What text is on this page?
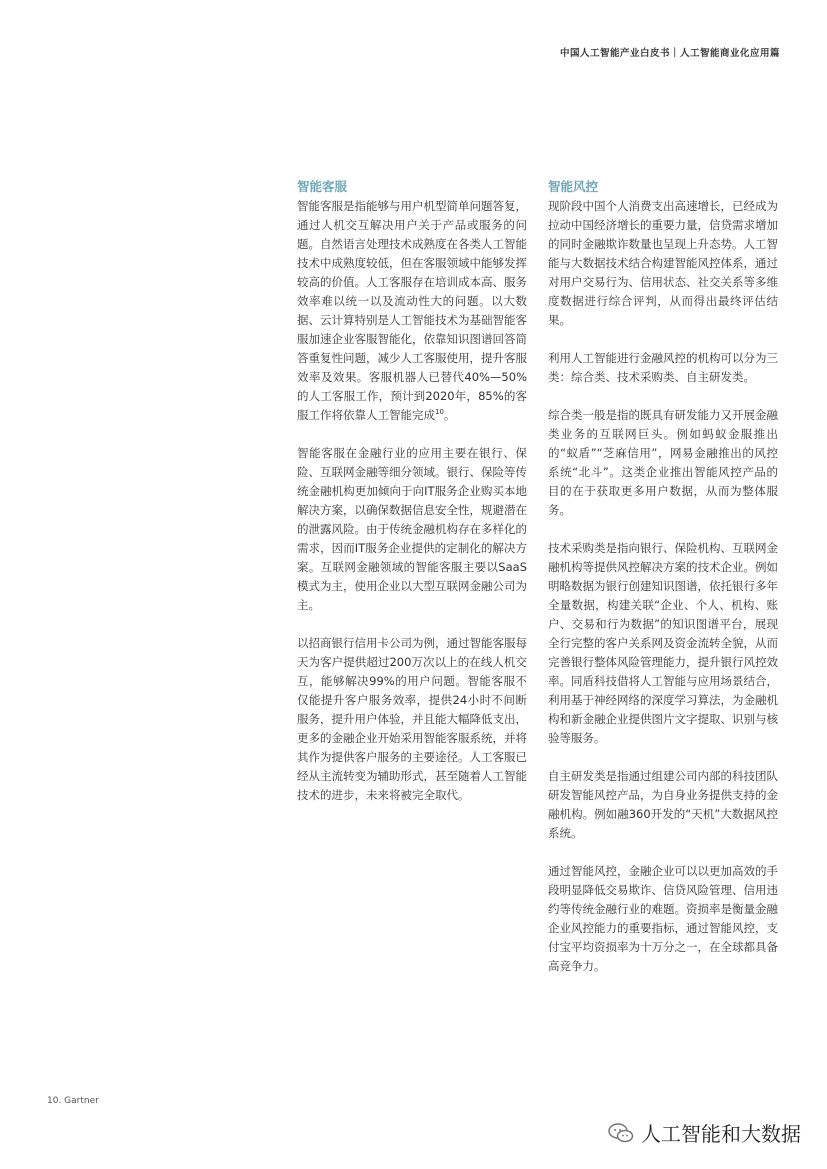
中国人工智能产业白皮书｜人工智能商业化应用篇
智能客服

智能客服是指能够与用户机型简单问题答复，通过人机交互解决用户关于产品或服务的问题。自然语言处理技术成熟度在各类人工智能技术中成熟度较低，但在客服领域中能够发挥较高的价值。人工客服存在培训成本高、服务效率难以统一以及流动性大的问题。以大数据、云计算特别是人工智能技术为基础智能客服加速企业客服智能化，依靠知识图谱回答简答重复性问题，减少人工客服使用，提升客服效率及效果。客服机器人已替代40%—50%的人工客服工作，预计到2020年，85%的客服工作将依靠人工智能完成$^{10}$。

智能客服在金融行业的应用主要在银行、保险、互联网金融等细分领域。银行、保险等传统金融机构更加倾向于向IT服务企业购买本地解决方案，以确保数据信息安全性，规避潜在的泄露风险。由于传统金融机构存在多样化的需求，因而IT服务企业提供的定制化的解决方案。互联网金融领域的智能客服主要以SaaS模式为主，使用企业以大型互联网金融公司为主。

以招商银行信用卡公司为例，通过智能客服每天为客户提供超过200万次以上的在线人机交互，能够解决99%的用户问题。智能客服不仅能提升客户服务效率，提供24小时不间断服务，提升用户体验，并且能大幅降低支出，更多的金融企业开始采用智能客服系统，并将其作为提供客户服务的主要途径。人工客服已经从主流转变为辅助形式，甚至随着人工智能技术的进步，未来将被完全取代。

智能风控

现阶段中国个人消费支出高速增长，已经成为拉动中国经济增长的重要力量，信贷需求增加的同时金融欺诈数量也呈现上升态势。人工智能与大数据技术结合构建智能风控体系，通过对用户交易行为、信用状态、社交关系等多维度数据进行综合评判，从而得出最终评估结果。

利用人工智能进行金融风控的机构可以分为三类：综合类、技术采购类、自主研发类。

综合类一般是指的既具有研发能力又开展金融类业务的互联网巨头。例如蚂蚁金服推出的“蚁盾”“芝麻信用”，网易金融推出的风控系统“北斗”。这类企业推出智能风控产品的目的在于获取更多用户数据，从而为整体服务。

技术采购类是指向银行、保险机构、互联网金融机构等提供风控解决方案的技术企业。例如明略数据为银行创建知识图谱，依托银行多年全量数据，构建关联“企业、个人、机构、账户、交易和行为数据”的知识图谱平台，展现全行完整的客户关系网及资金流转全貌，从而完善银行整体风险管理能力，提升银行风控效率。同盾科技借将人工智能与应用场景结合，利用基于神经网络的深度学习算法，为金融机构和新金融企业提供图片文字提取、识别与核验等服务。

自主研发类是指通过组建公司内部的科技团队研发智能风控产品，为自身业务提供支持的金融机构。例如融360开发的“天机”大数据风控系统。

通过智能风控，金融企业可以以更加高效的手段明显降低交易欺诈、信贷风险管理、信用违约等传统金融行业的难题。资损率是衡量金融企业风控能力的重要指标，通过智能风控，支付宝平均资损率为十万分之一，在全球都具备高竞争力。

10. Gartner
人工智能和大数据
